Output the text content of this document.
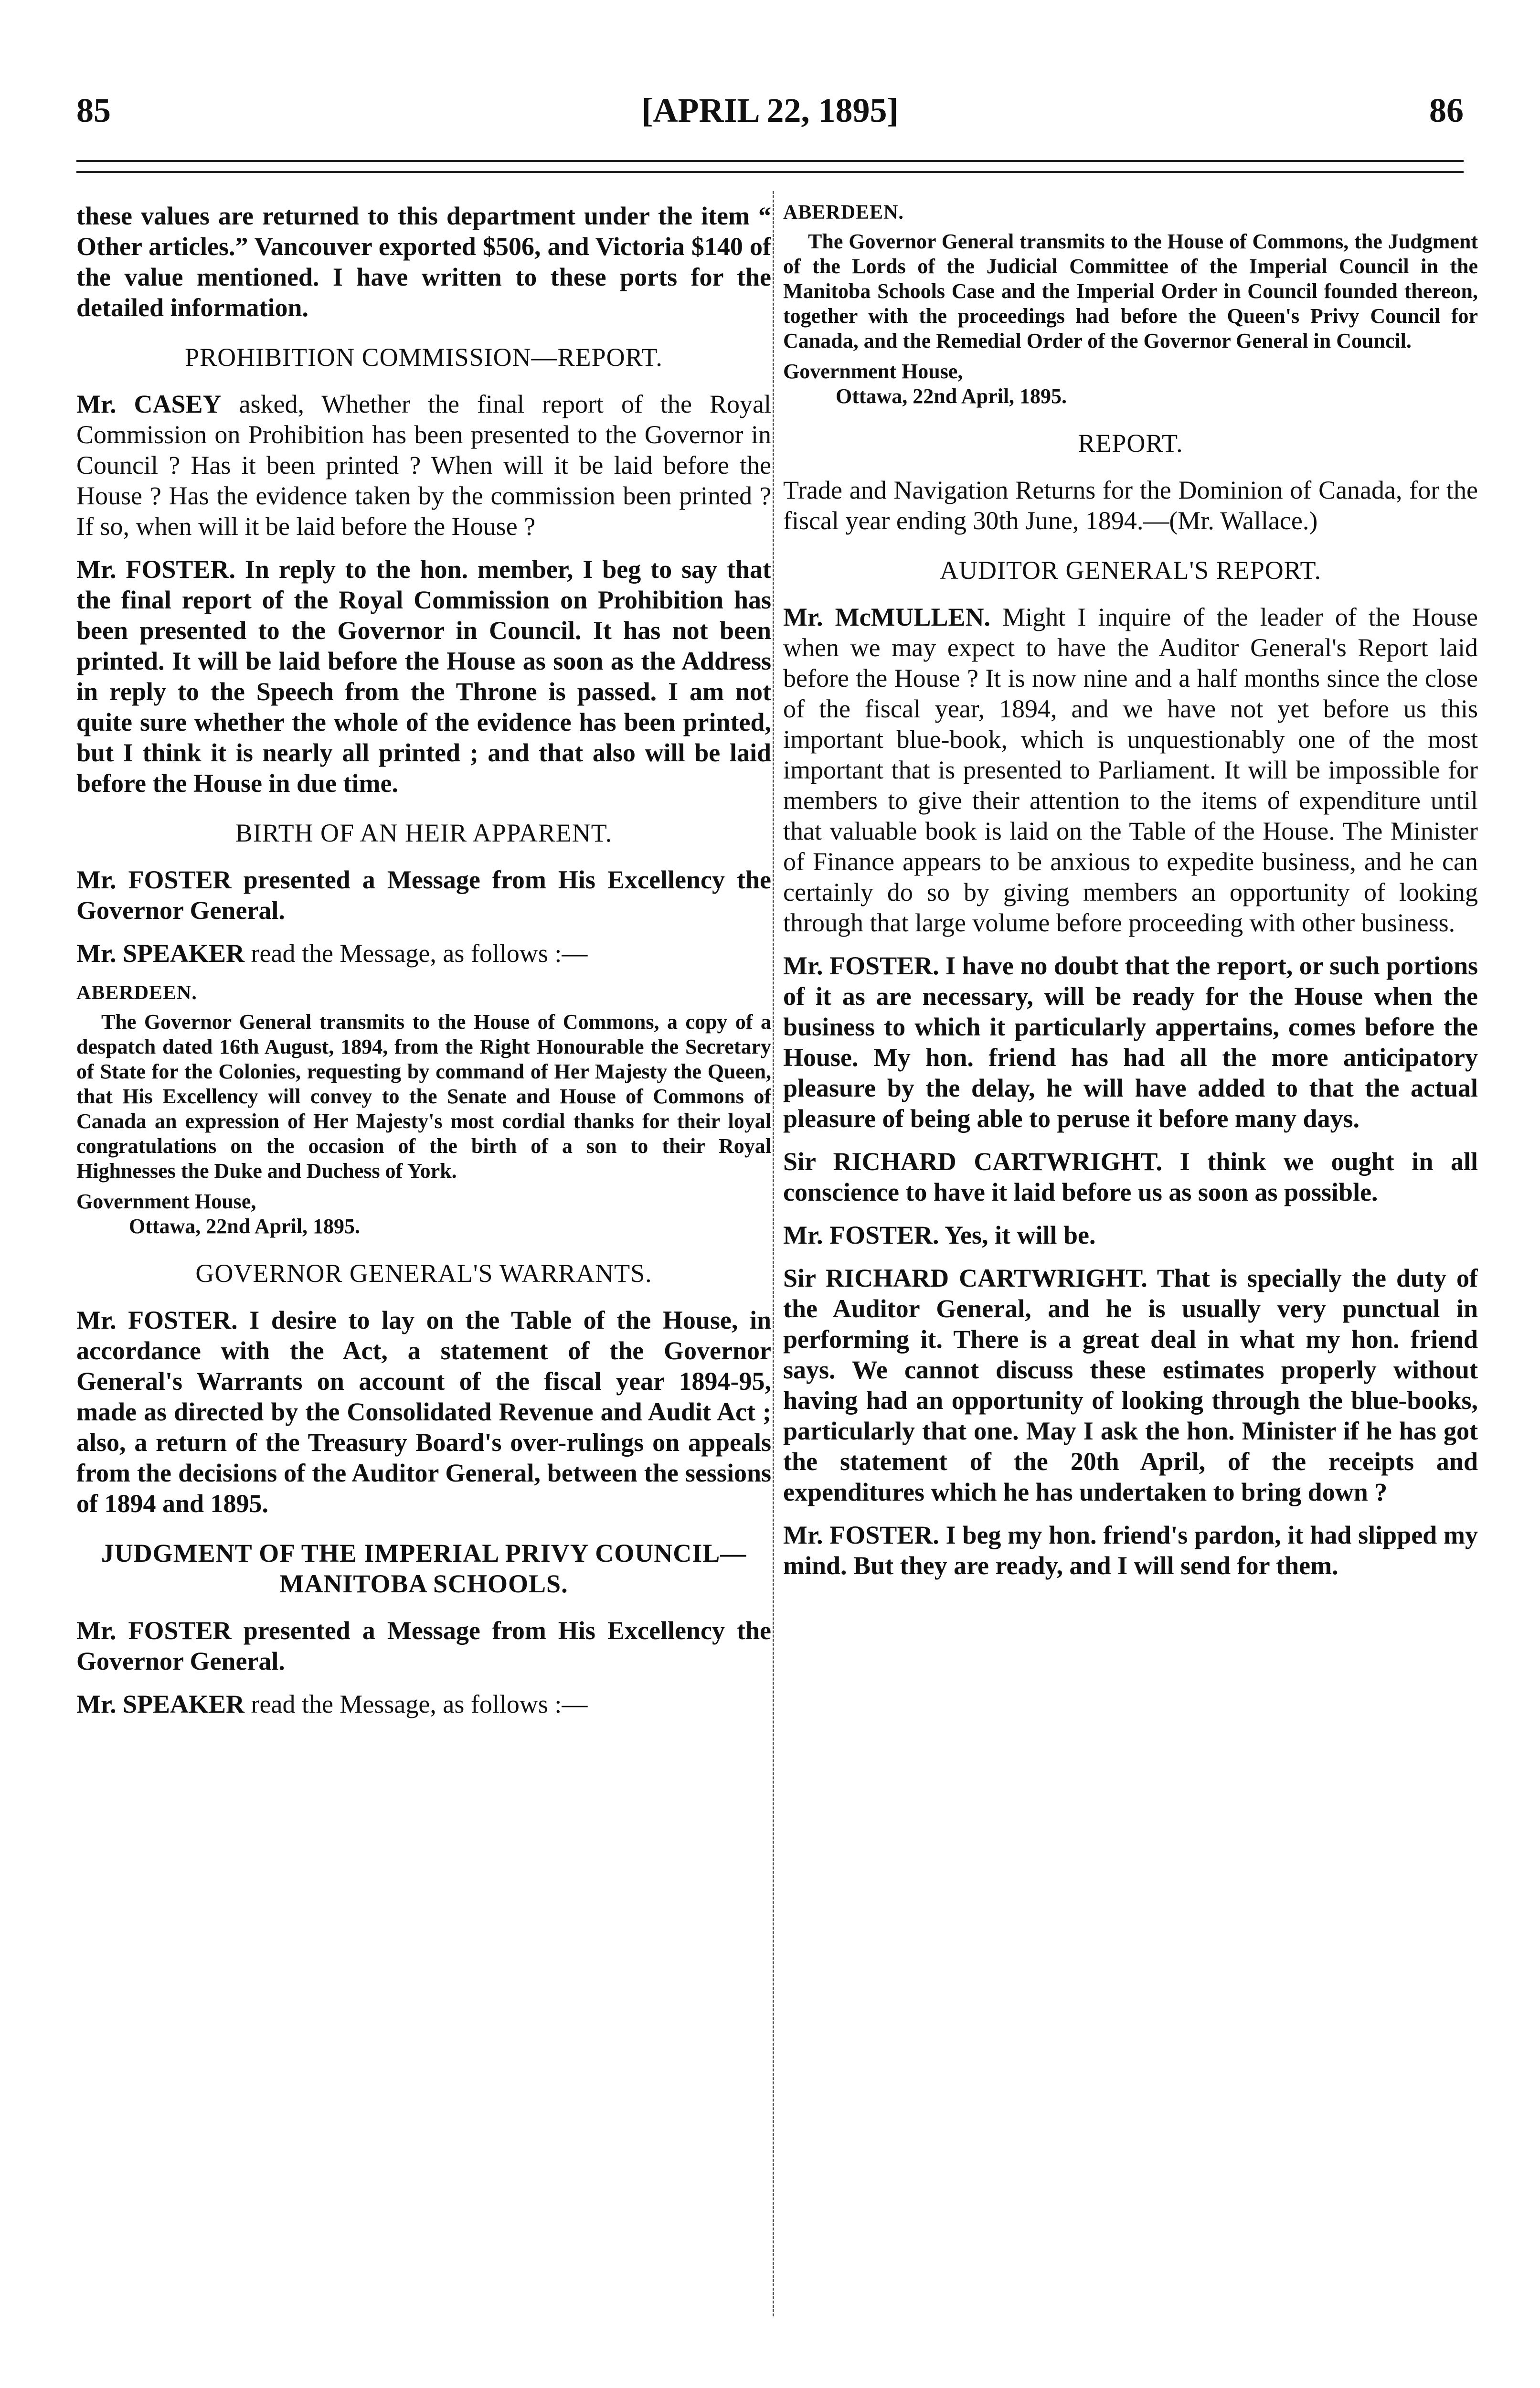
85	[APRIL 22, 1895]	86

these values are returned to this department under the item “ Other articles.” Vancouver exported $506, and Victoria $140 of the value mentioned. I have written to these ports for the detailed information.

PROHIBITION COMMISSION—REPORT.

Mr. CASEY asked, Whether the final report of the Royal Commission on Prohibition has been presented to the Governor in Council ? Has it been printed ? When will it be laid before the House ? Has the evidence taken by the commission been printed ? If so, when will it be laid before the House ?

Mr. FOSTER. In reply to the hon. member, I beg to say that the final report of the Royal Commission on Prohibition has been presented to the Governor in Council. It has not been printed. It will be laid before the House as soon as the Address in reply to the Speech from the Throne is passed. I am not quite sure whether the whole of the evidence has been printed, but I think it is nearly all printed ; and that also will be laid before the House in due time.

BIRTH OF AN HEIR APPARENT.

Mr. FOSTER presented a Message from His Excellency the Governor General.

Mr. SPEAKER read the Message, as follows :—

ABERDEEN.

The Governor General transmits to the House of Commons, a copy of a despatch dated 16th August, 1894, from the Right Honourable the Secretary of State for the Colonies, requesting by command of Her Majesty the Queen, that His Excellency will convey to the Senate and House of Commons of Canada an expression of Her Majesty's most cordial thanks for their loyal congratulations on the occasion of the birth of a son to their Royal Highnesses the Duke and Duchess of York.

Government House,
Ottawa, 22nd April, 1895.
GOVERNOR GENERAL'S WARRANTS.

Mr. FOSTER. I desire to lay on the Table of the House, in accordance with the Act, a statement of the Governor General's Warrants on account of the fiscal year 1894-95, made as directed by the Consolidated Revenue and Audit Act ; also, a return of the Treasury Board's over-rulings on appeals from the decisions of the Auditor General, between the sessions of 1894 and 1895.

JUDGMENT OF THE IMPERIAL PRIVY COUNCIL—MANITOBA SCHOOLS.

Mr. FOSTER presented a Message from His Excellency the Governor General.

Mr. SPEAKER read the Message, as follows :—

ABERDEEN.

The Governor General transmits to the House of Commons, the Judgment of the Lords of the Judicial Committee of the Imperial Council in the Manitoba Schools Case and the Imperial Order in Council founded thereon, together with the proceedings had before the Queen's Privy Council for Canada, and the Remedial Order of the Governor General in Council.

Government House,
Ottawa, 22nd April, 1895.
REPORT.

Trade and Navigation Returns for the Dominion of Canada, for the fiscal year ending 30th June, 1894.—(Mr. Wallace.)

AUDITOR GENERAL'S REPORT.

Mr. McMULLEN. Might I inquire of the leader of the House when we may expect to have the Auditor General's Report laid before the House ? It is now nine and a half months since the close of the fiscal year, 1894, and we have not yet before us this important blue-book, which is unquestionably one of the most important that is presented to Parliament. It will be impossible for members to give their attention to the items of expenditure until that valuable book is laid on the Table of the House. The Minister of Finance appears to be anxious to expedite business, and he can certainly do so by giving members an opportunity of looking through that large volume before proceeding with other business.

Mr. FOSTER. I have no doubt that the report, or such portions of it as are necessary, will be ready for the House when the business to which it particularly appertains, comes before the House. My hon. friend has had all the more anticipatory pleasure by the delay, he will have added to that the actual pleasure of being able to peruse it before many days.

Sir RICHARD CARTWRIGHT. I think we ought in all conscience to have it laid before us as soon as possible.

Mr. FOSTER. Yes, it will be.

Sir RICHARD CARTWRIGHT. That is specially the duty of the Auditor General, and he is usually very punctual in performing it. There is a great deal in what my hon. friend says. We cannot discuss these estimates properly without having had an opportunity of looking through the blue-books, particularly that one. May I ask the hon. Minister if he has got the statement of the 20th April, of the receipts and expenditures which he has undertaken to bring down ?

Mr. FOSTER. I beg my hon. friend's pardon, it had slipped my mind. But they are ready, and I will send for them.
